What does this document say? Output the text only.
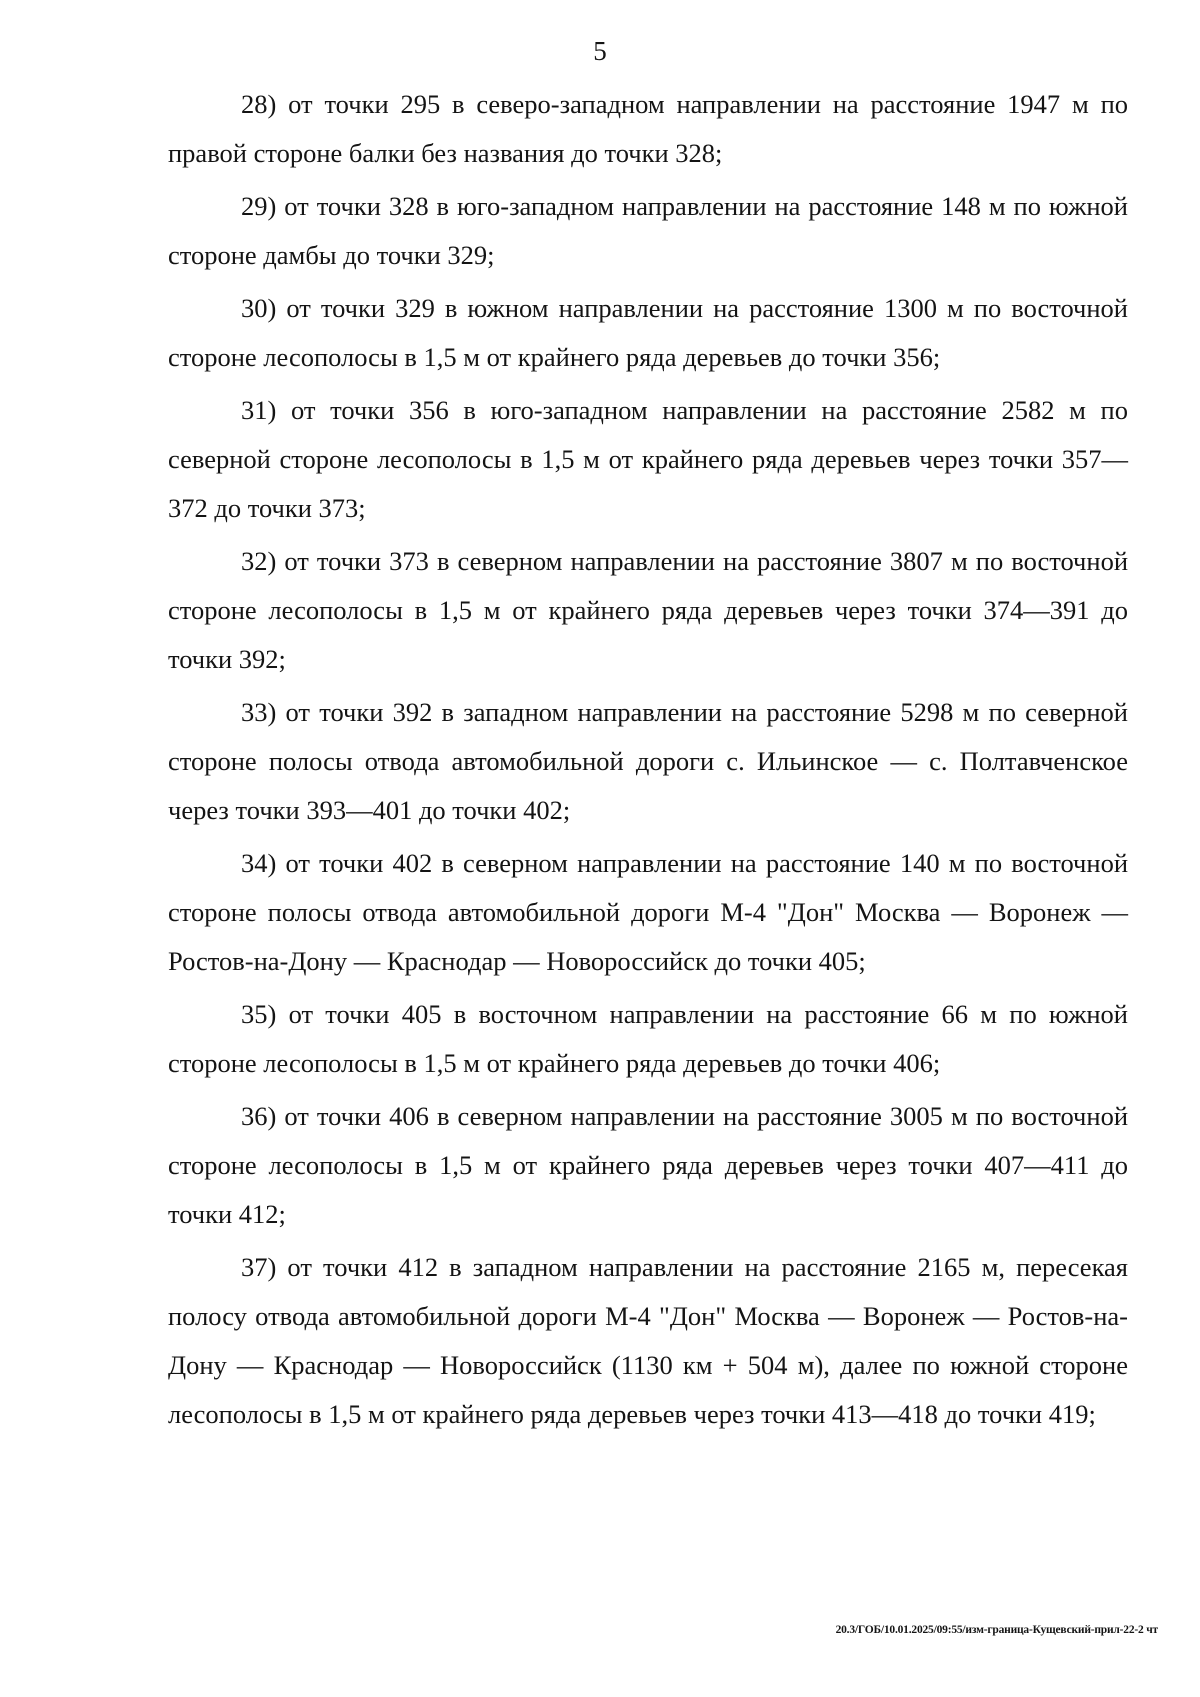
5

28) от точки 295 в северо-западном направлении на расстояние 1947 м по правой стороне балки без названия до точки 328;

29) от точки 328 в юго-западном направлении на расстояние 148 м по южной стороне дамбы до точки 329;

30) от точки 329 в южном направлении на расстояние 1300 м по восточной стороне лесополосы в 1,5 м от крайнего ряда деревьев до точки 356;

31) от точки 356 в юго-западном направлении на расстояние 2582 м по северной стороне лесополосы в 1,5 м от крайнего ряда деревьев через точки 357—372 до точки 373;

32) от точки 373 в северном направлении на расстояние 3807 м по восточной стороне лесополосы в 1,5 м от крайнего ряда деревьев через точки 374—391 до точки 392;

33) от точки 392 в западном направлении на расстояние 5298 м по северной стороне полосы отвода автомобильной дороги с. Ильинское — с. Полтавченское через точки 393—401 до точки 402;

34) от точки 402 в северном направлении на расстояние 140 м по восточной стороне полосы отвода автомобильной дороги М-4 "Дон" Москва — Воронеж — Ростов-на-Дону — Краснодар — Новороссийск до точки 405;

35) от точки 405 в восточном направлении на расстояние 66 м по южной стороне лесополосы в 1,5 м от крайнего ряда деревьев до точки 406;

36) от точки 406 в северном направлении на расстояние 3005 м по восточной стороне лесополосы в 1,5 м от крайнего ряда деревьев через точки 407—411 до точки 412;

37) от точки 412 в западном направлении на расстояние 2165 м, пересекая полосу отвода автомобильной дороги М-4 "Дон" Москва — Воронеж — Ростов-на-Дону — Краснодар — Новороссийск (1130 км + 504 м), далее по южной стороне лесополосы в 1,5 м от крайнего ряда деревьев через точки 413—418 до точки 419;

20.3/ГОБ/10.01.2025/09:55/изм-граница-Кущевский-прил-22-2 чт
